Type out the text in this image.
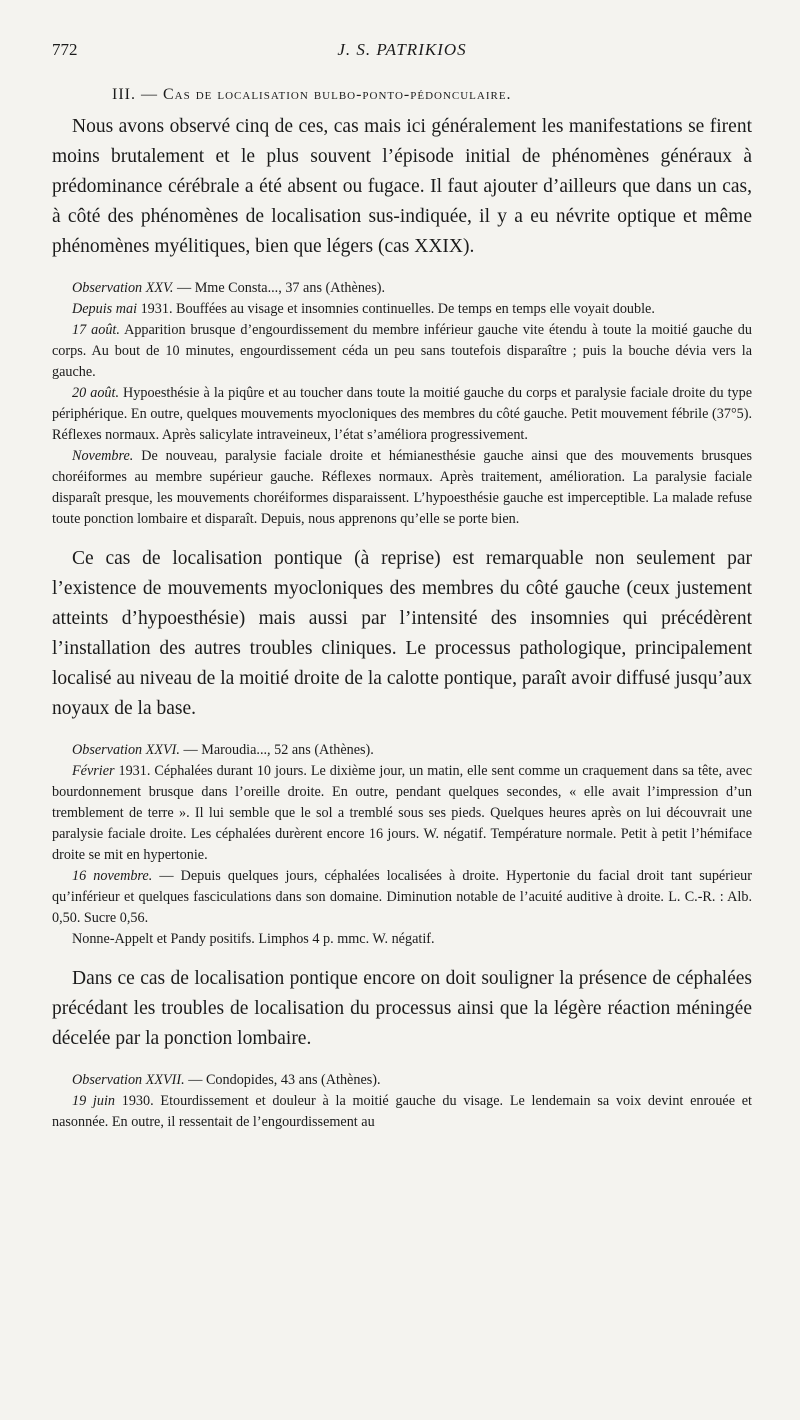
772	J. S. PATRIKIOS
III. — Cas de localisation bulbo-ponto-pédonculaire.

Nous avons observé cinq de ces, cas mais ici généralement les manifestations se firent moins brutalement et le plus souvent l’épisode initial de phénomènes généraux à prédominance cérébrale a été absent ou fugace. Il faut ajouter d’ailleurs que dans un cas, à côté des phénomènes de localisation sus-indiquée, il y a eu névrite optique et même phénomènes myélitiques, bien que légers (cas XXIX).

Observation XXV. — Mme Consta..., 37 ans (Athènes).

Depuis mai 1931. Bouffées au visage et insomnies continuelles. De temps en temps elle voyait double.

17 août. Apparition brusque d’engourdissement du membre inférieur gauche vite étendu à toute la moitié gauche du corps. Au bout de 10 minutes, engourdissement céda un peu sans toutefois disparaître ; puis la bouche dévia vers la gauche.

20 août. Hypoesthésie à la piqûre et au toucher dans toute la moitié gauche du corps et paralysie faciale droite du type périphérique. En outre, quelques mouvements myocloniques des membres du côté gauche. Petit mouvement fébrile (37°5). Réflexes normaux. Après salicylate intraveineux, l’état s’améliora progressivement.

Novembre. De nouveau, paralysie faciale droite et hémianesthésie gauche ainsi que des mouvements brusques choréiformes au membre supérieur gauche. Réflexes normaux. Après traitement, amélioration. La paralysie faciale disparaît presque, les mouvements choréiformes disparaissent. L’hypoesthésie gauche est imperceptible. La malade refuse toute ponction lombaire et disparaît. Depuis, nous apprenons qu’elle se porte bien.

Ce cas de localisation pontique (à reprise) est remarquable non seulement par l’existence de mouvements myocloniques des membres du côté gauche (ceux justement atteints d’hypoesthésie) mais aussi par l’intensité des insomnies qui précédèrent l’installation des autres troubles cliniques. Le processus pathologique, principalement localisé au niveau de la moitié droite de la calotte pontique, paraît avoir diffusé jusqu’aux noyaux de la base.

Observation XXVI. — Maroudia..., 52 ans (Athènes).

Février 1931. Céphalées durant 10 jours. Le dixième jour, un matin, elle sent comme un craquement dans sa tête, avec bourdonnement brusque dans l’oreille droite. En outre, pendant quelques secondes, « elle avait l’impression d’un tremblement de terre ». Il lui semble que le sol a tremblé sous ses pieds. Quelques heures après on lui découvrait une paralysie faciale droite. Les céphalées durèrent encore 16 jours. W. négatif. Température normale. Petit à petit l’hémiface droite se mit en hypertonie.

16 novembre. — Depuis quelques jours, céphalées localisées à droite. Hypertonie du facial droit tant supérieur qu’inférieur et quelques fasciculations dans son domaine. Diminution notable de l’acuité auditive à droite. L. C.-R. : Alb. 0,50. Sucre 0,56.

Nonne-Appelt et Pandy positifs. Limphos 4 p. mmc. W. négatif.

Dans ce cas de localisation pontique encore on doit souligner la présence de céphalées précédant les troubles de localisation du processus ainsi que la légère réaction méningée décelée par la ponction lombaire.

Observation XXVII. — Condopides, 43 ans (Athènes).

19 juin 1930. Etourdissement et douleur à la moitié gauche du visage. Le lendemain sa voix devint enrouée et nasonnée. En outre, il ressentait de l’engourdissement au
